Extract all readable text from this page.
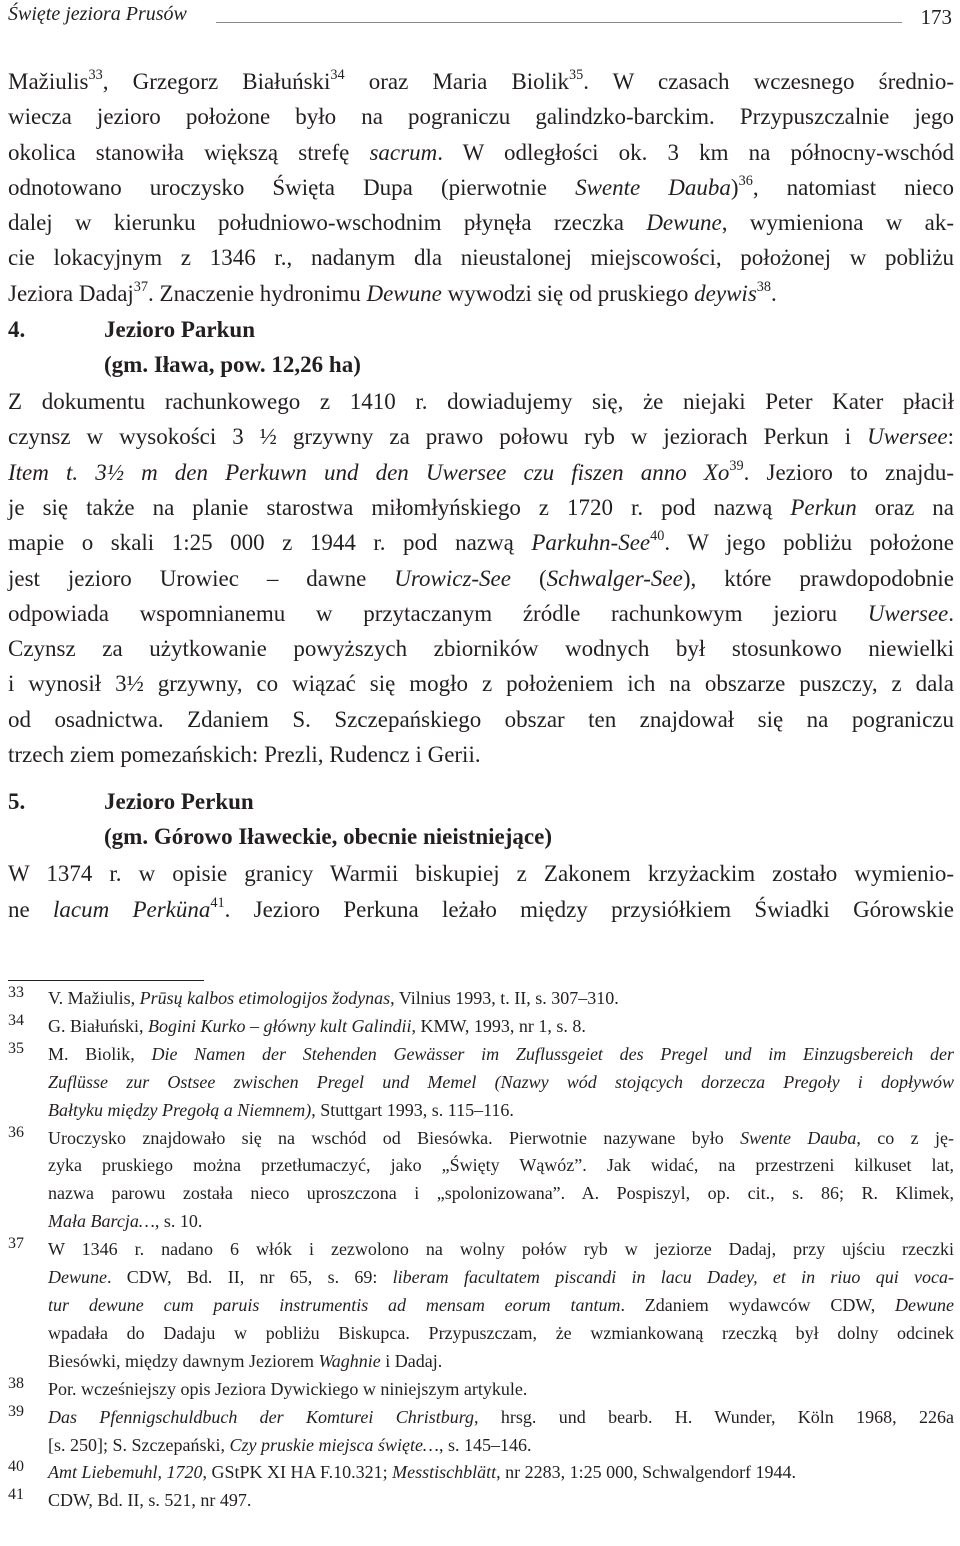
Święte jeziora Prusów	173
Mažiulis$^{33}$, Grzegorz Białuński$^{34}$ oraz Maria Biolik$^{35}$. W czasach wczesnego średnio-
wiecza jezioro położone było na pograniczu galindzko-barckim. Przypuszczalnie jego
okolica stanowiła większą strefę sacrum. W odległości ok. 3 km na północny-wschód
odnotowano uroczysko Święta Dupa (pierwotnie Swente Dauba)$^{36}$, natomiast nieco
dalej w kierunku południowo-wschodnim płynęła rzeczka Dewune, wymieniona w ak-
cie lokacyjnym z 1346 r., nadanym dla nieustalonej miejscowości, położonej w pobliżu
Jeziora Dadaj$^{37}$. Znaczenie hydronimu Dewune wywodzi się od pruskiego deywis$^{38}$.
4.	Jezioro Parkun
(gm. Iława, pow. 12,26 ha)
Z dokumentu rachunkowego z 1410 r. dowiadujemy się, że niejaki Peter Kater płacił
czynsz w wysokości 3 ½ grzywny za prawo połowu ryb w jeziorach Perkun i Uwersee:
Item t. 3½ m den Perkuwn und den Uwersee czu fiszen anno Xo$^{39}$. Jezioro to znajdu-
je się także na planie starostwa miłomłyńskiego z 1720 r. pod nazwą Perkun oraz na
mapie o skali 1:25 000 z 1944 r. pod nazwą Parkuhn-See$^{40}$. W jego pobliżu położone
jest jezioro Urowiec – dawne Urowicz-See (Schwalger-See), które prawdopodobnie
odpowiada wspomnianemu w przytaczanym źródle rachunkowym jezioru Uwersee.
Czynsz za użytkowanie powyższych zbiorników wodnych był stosunkowo niewielki
i wynosił 3½ grzywny, co wiązać się mogło z położeniem ich na obszarze puszczy, z dala
od osadnictwa. Zdaniem S. Szczepańskiego obszar ten znajdował się na pograniczu
trzech ziem pomezańskich: Prezli, Rudencz i Gerii.
5.	Jezioro Perkun
(gm. Górowo Iławeckie, obecnie nieistniejące)
W 1374 r. w opisie granicy Warmii biskupiej z Zakonem krzyżackim zostało wymienio-
ne lacum Perküna$^{41}$. Jezioro Perkuna leżało między przysiółkiem Świadki Górowskie
33 V. Mažiulis, Prūsų kalbos etimologijos žodynas, Vilnius 1993, t. II, s. 307–310.
34 G. Białuński, Bogini Kurko – główny kult Galindii, KMW, 1993, nr 1, s. 8.
35 M. Biolik, Die Namen der Stehenden Gewässer im Zuflussgeiet des Pregel und im Einzugsbereich der
Zuflüsse zur Ostsee zwischen Pregel und Memel (Nazwy wód stojących dorzecza Pregoły i dopływów
Bałtyku między Pregołą a Niemnem), Stuttgart 1993, s. 115–116.
36 Uroczysko znajdowało się na wschód od Biesówka. Pierwotnie nazywane było Swente Dauba, co z ję-
zyka pruskiego można przetłumaczyć, jako „Święty Wąwóz”. Jak widać, na przestrzeni kilkuset lat,
nazwa parowu została nieco uproszczona i „spolonizowana”. A. Pospiszyl, op. cit., s. 86; R. Klimek,
Mała Barcja…, s. 10.
37 W 1346 r. nadano 6 włók i zezwolono na wolny połów ryb w jeziorze Dadaj, przy ujściu rzeczki
Dewune. CDW, Bd. II, nr 65, s. 69: liberam facultatem piscandi in lacu Dadey, et in riuo qui voca-
tur dewune cum paruis instrumentis ad mensam eorum tantum. Zdaniem wydawców CDW, Dewune
wpadała do Dadaju w pobliżu Biskupca. Przypuszczam, że wzmiankowaną rzeczką był dolny odcinek
Biesówki, między dawnym Jeziorem Waghnie i Dadaj.
38 Por. wcześniejszy opis Jeziora Dywickiego w niniejszym artykule.
39 Das Pfennigschuldbuch der Komturei Christburg, hrsg. und bearb. H. Wunder, Köln 1968, 226a
[s. 250]; S. Szczepański, Czy pruskie miejsca święte…, s. 145–146.
40 Amt Liebemuhl, 1720, GStPK XI HA F.10.321; Messtischblätt, nr 2283, 1:25 000, Schwalgendorf 1944.
41 CDW, Bd. II, s. 521, nr 497.
